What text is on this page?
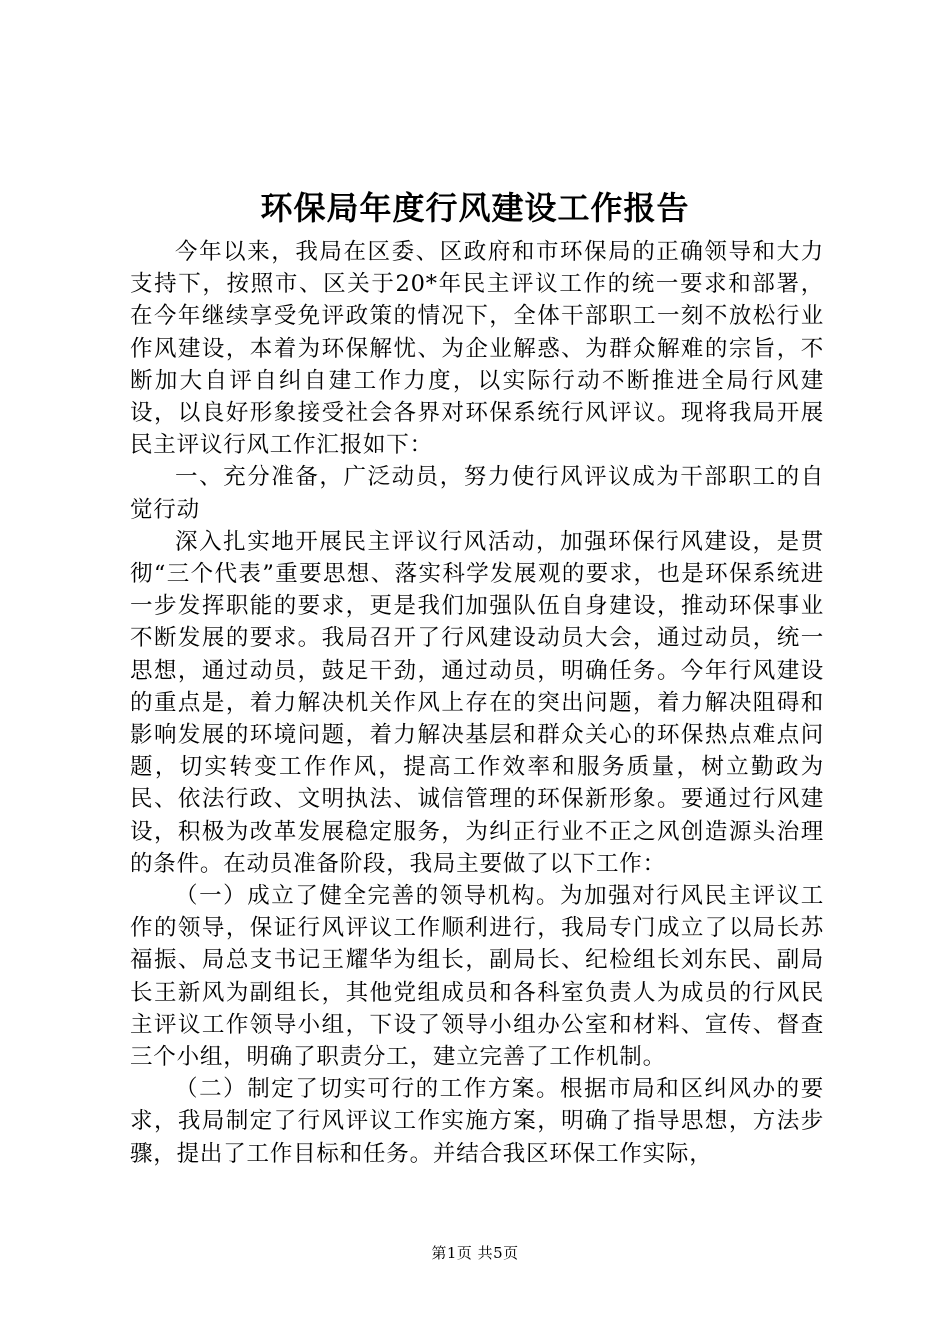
环保局年度行风建设工作报告

今年以来，我局在区委、区政府和市环保局的正确领导和大力支持下，按照市、区关于20*年民主评议工作的统一要求和部署，在今年继续享受免评政策的情况下，全体干部职工一刻不放松行业作风建设，本着为环保解忧、为企业解惑、为群众解难的宗旨，不断加大自评自纠自建工作力度，以实际行动不断推进全局行风建设，以良好形象接受社会各界对环保系统行风评议。现将我局开展民主评议行风工作汇报如下：

一、充分准备，广泛动员，努力使行风评议成为干部职工的自觉行动

深入扎实地开展民主评议行风活动，加强环保行风建设，是贯彻“三个代表”重要思想、落实科学发展观的要求，也是环保系统进一步发挥职能的要求，更是我们加强队伍自身建设，推动环保事业不断发展的要求。我局召开了行风建设动员大会，通过动员，统一思想，通过动员，鼓足干劲，通过动员，明确任务。今年行风建设的重点是，着力解决机关作风上存在的突出问题，着力解决阻碍和影响发展的环境问题，着力解决基层和群众关心的环保热点难点问题，切实转变工作作风，提高工作效率和服务质量，树立勤政为民、依法行政、文明执法、诚信管理的环保新形象。要通过行风建设，积极为改革发展稳定服务，为纠正行业不正之风创造源头治理的条件。在动员准备阶段，我局主要做了以下工作：

（一）成立了健全完善的领导机构。为加强对行风民主评议工作的领导，保证行风评议工作顺利进行，我局专门成立了以局长苏福振、局总支书记王耀华为组长，副局长、纪检组长刘东民、副局长王新风为副组长，其他党组成员和各科室负责人为成员的行风民主评议工作领导小组，下设了领导小组办公室和材料、宣传、督查三个小组，明确了职责分工，建立完善了工作机制。

（二）制定了切实可行的工作方案。根据市局和区纠风办的要求，我局制定了行风评议工作实施方案，明确了指导思想，方法步骤，提出了工作目标和任务。并结合我区环保工作实际，

第1页 共5页
